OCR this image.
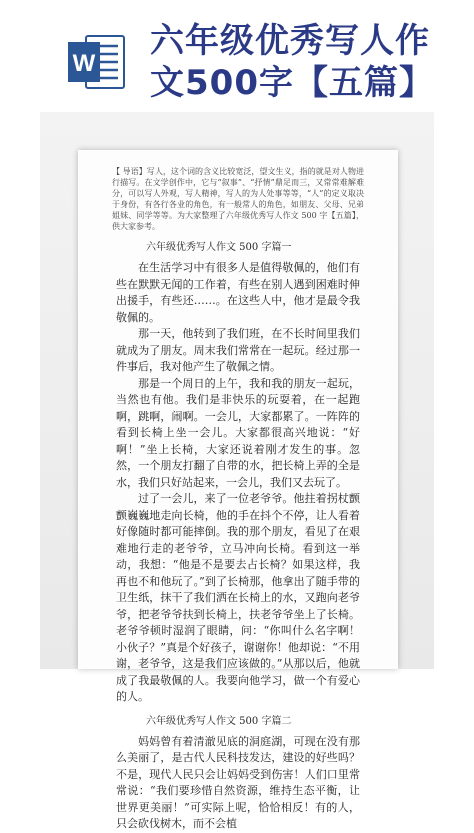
W
六年级优秀写人作
文500字【五篇】
【 导语】写人，这个词的含义比较宽泛，望文生义，指的就是对人物进行描写。在文学创作中，它与“叙事”、“抒情”鼎足而三，又常常难解难分，可以写人外观，写人精神，写人的为人处事等等，“人”的定义取决于身份，有各行各业的角色，有一般常人的角色，如朋友、父母、兄弟姐妹、同学等等。为大家整理了六年级优秀写人作文 500 字【五篇】，供大家参考。
六年级优秀写人作文 500 字篇一

在生活学习中有很多人是值得敬佩的，他们有些在默默无闻的工作着，有些在别人遇到困难时伸出援手，有些还……。在这些人中，他才是最令我敬佩的。

那一天，他转到了我们班，在不长时间里我们就成为了朋友。周末我们常常在一起玩。经过那一件事后，我对他产生了敬佩之情。

那是一个周日的上午，我和我的朋友一起玩，当然也有他。我们是非快乐的玩耍着，在一起跑啊，跳啊，闹啊。一会儿，大家都累了。一阵阵的看到长椅上坐一会儿。大家都很高兴地说：“好啊！”坐上长椅，大家还说着刚才发生的事。忽然，一个朋友打翻了自带的水，把长椅上弄的全是水，我们只好站起来，一会儿，我们又去玩了。

过了一会儿，来了一位老爷爷。他拄着拐杖颤颤巍巍地走向长椅，他的手在抖个不停，让人看着好像随时都可能摔倒。我的那个朋友，看见了在艰难地行走的老爷爷，立马冲向长椅。看到这一举动，我想：“他是不是要去占长椅？如果这样，我再也不和他玩了。”到了长椅那，他拿出了随手带的卫生纸，抹干了我们洒在长椅上的水，又跑向老爷爷，把老爷爷扶到长椅上，扶老爷爷坐上了长椅。老爷爷顿时湿润了眼睛，问：“你叫什么名字啊！小伙子？”真是个好孩子，谢谢你！他却说：“不用谢，老爷爷，这是我们应该做的。”从那以后，他就成了我最敬佩的人。我要向他学习，做一个有爱心的人。

六年级优秀写人作文 500 字篇二

妈妈曾有着清澈见底的洞庭湖，可现在没有那么美丽了，是古代人民科技发达，建设的好些吗？不是，现代人民只会让妈妈受到伤害！人们口里常常说：“我们要珍惜自然资源，维持生态平衡，让世界更美丽！”可实际上呢，恰恰相反！有的人，只会砍伐树木，而不会植
